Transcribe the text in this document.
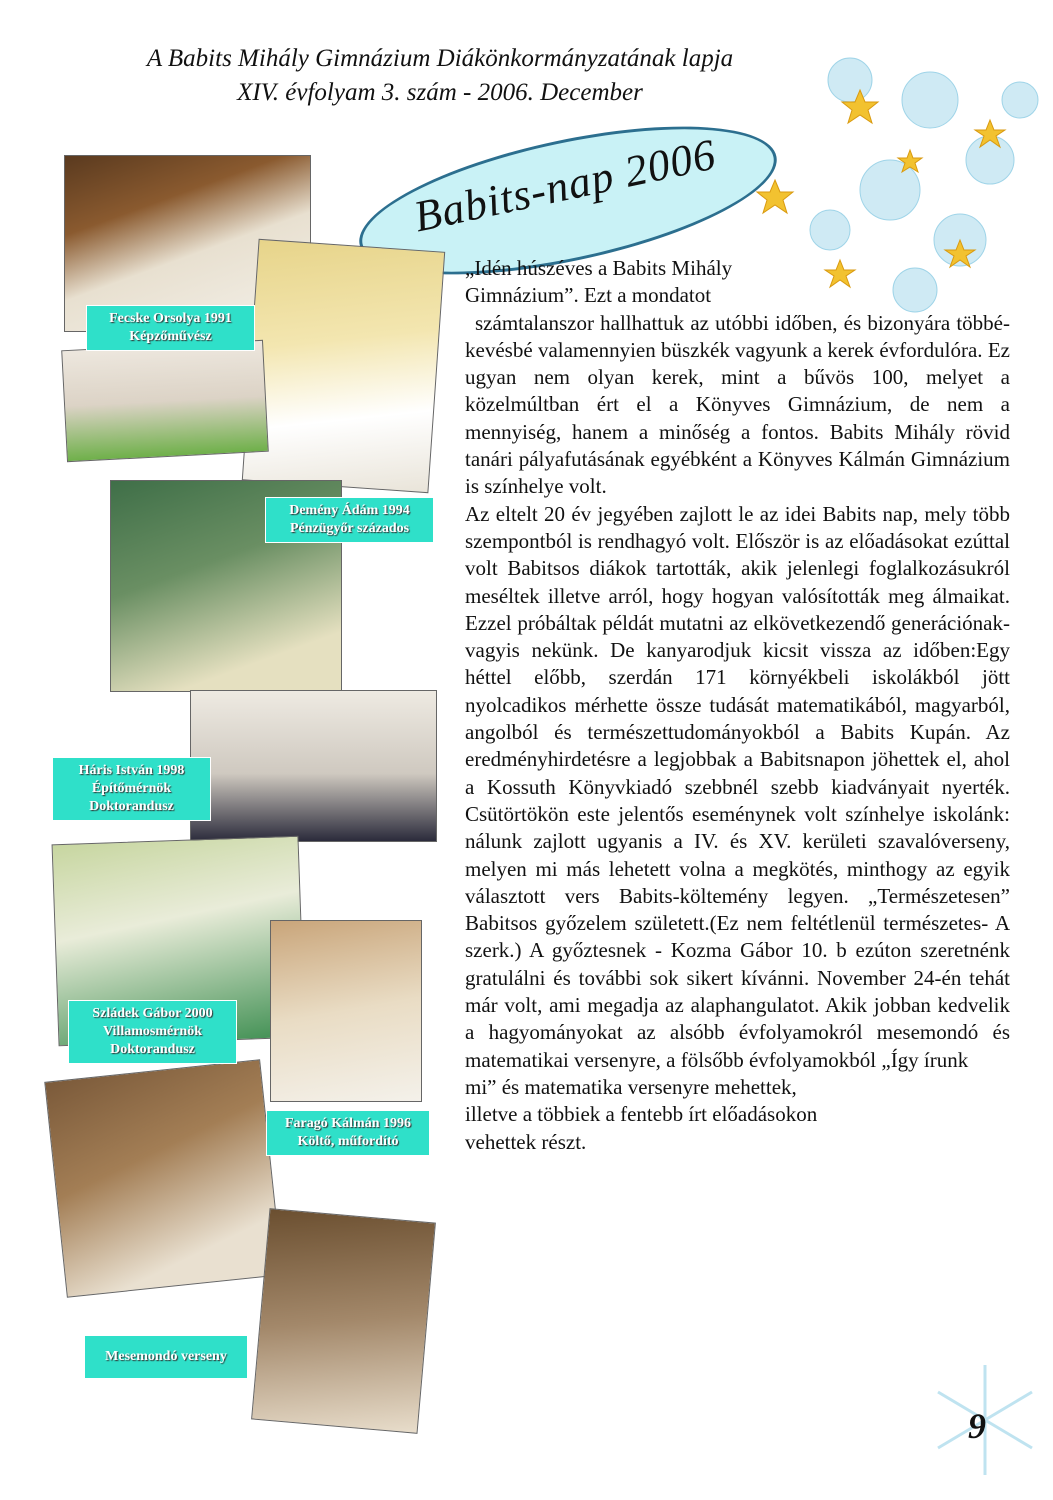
A Babits Mihály Gimnázium Diákönkormányzatának lapja
XIV. évfolyam 3. szám - 2006. December
Babits-nap 2006
Fecske Orsolya 1991
Képzőművész
Demény Ádám 1994
Pénzügyőr százados
Háris István 1998
Építőmérnök
Doktorandusz
Szládek Gábor 2000
Villamosmérnök
Doktorandusz
Faragó Kálmán 1996
Költő, műfordító
Mesemondó verseny

„Idén húszéves a Babits Mihály

Gimnázium”. Ezt a mondatot

számtalanszor hallhattuk az utóbbi időben, és bizonyára többé-kevésbé valamennyien büszkék vagyunk a kerek évfordulóra. Ez ugyan nem olyan kerek, mint a bűvös 100, melyet a közelmúltban ért el a Könyves Gimnázium, de nem a mennyiség, hanem a minőség a fontos. Babits Mihály rövid tanári pályafutásának egyébként a Könyves Kálmán Gimnázium is színhelye volt.

Az eltelt 20 év jegyében zajlott le az idei Babits nap, mely több szempontból is rendhagyó volt. Először is az előadásokat ezúttal volt Babitsos diákok tartották, akik jelenlegi foglalkozásukról meséltek illetve arról, hogy hogyan valósították meg álmaikat. Ezzel próbáltak példát mutatni az elkövetkezendő generációnak-vagyis nekünk. De kanyarodjuk kicsit vissza az időben:Egy héttel előbb, szerdán 171 környékbeli iskolákból jött nyolcadikos mérhette össze tudását matematikából, magyarból, angolból és természettudományokból a Babits Kupán. Az eredményhirdetésre a legjobbak a Babitsnapon jöhettek el, ahol a Kossuth Könyvkiadó szebbnél szebb kiadványait nyerték. Csütörtökön este jelentős eseménynek volt színhelye iskolánk: nálunk zajlott ugyanis a IV. és XV. kerületi szavalóverseny, melyen mi más lehetett volna a megkötés, minthogy az egyik választott vers Babits-költemény legyen. „Természetesen” Babitsos győzelem született.(Ez nem feltétlenül természetes- A szerk.) A győztesnek - Kozma Gábor 10. b ezúton szeretnénk gratulálni és további sok sikert kívánni. November 24-én tehát már volt, ami megadja az alaphangulatot. Akik jobban kedvelik a hagyományokat az alsóbb évfolyamokról mesemondó és matematikai versenyre, a fölsőbb évfolyamokból „Így írunk

mi” és matematika versenyre mehettek,

illetve a többiek a fentebb írt előadásokon

vehettek részt.

9
